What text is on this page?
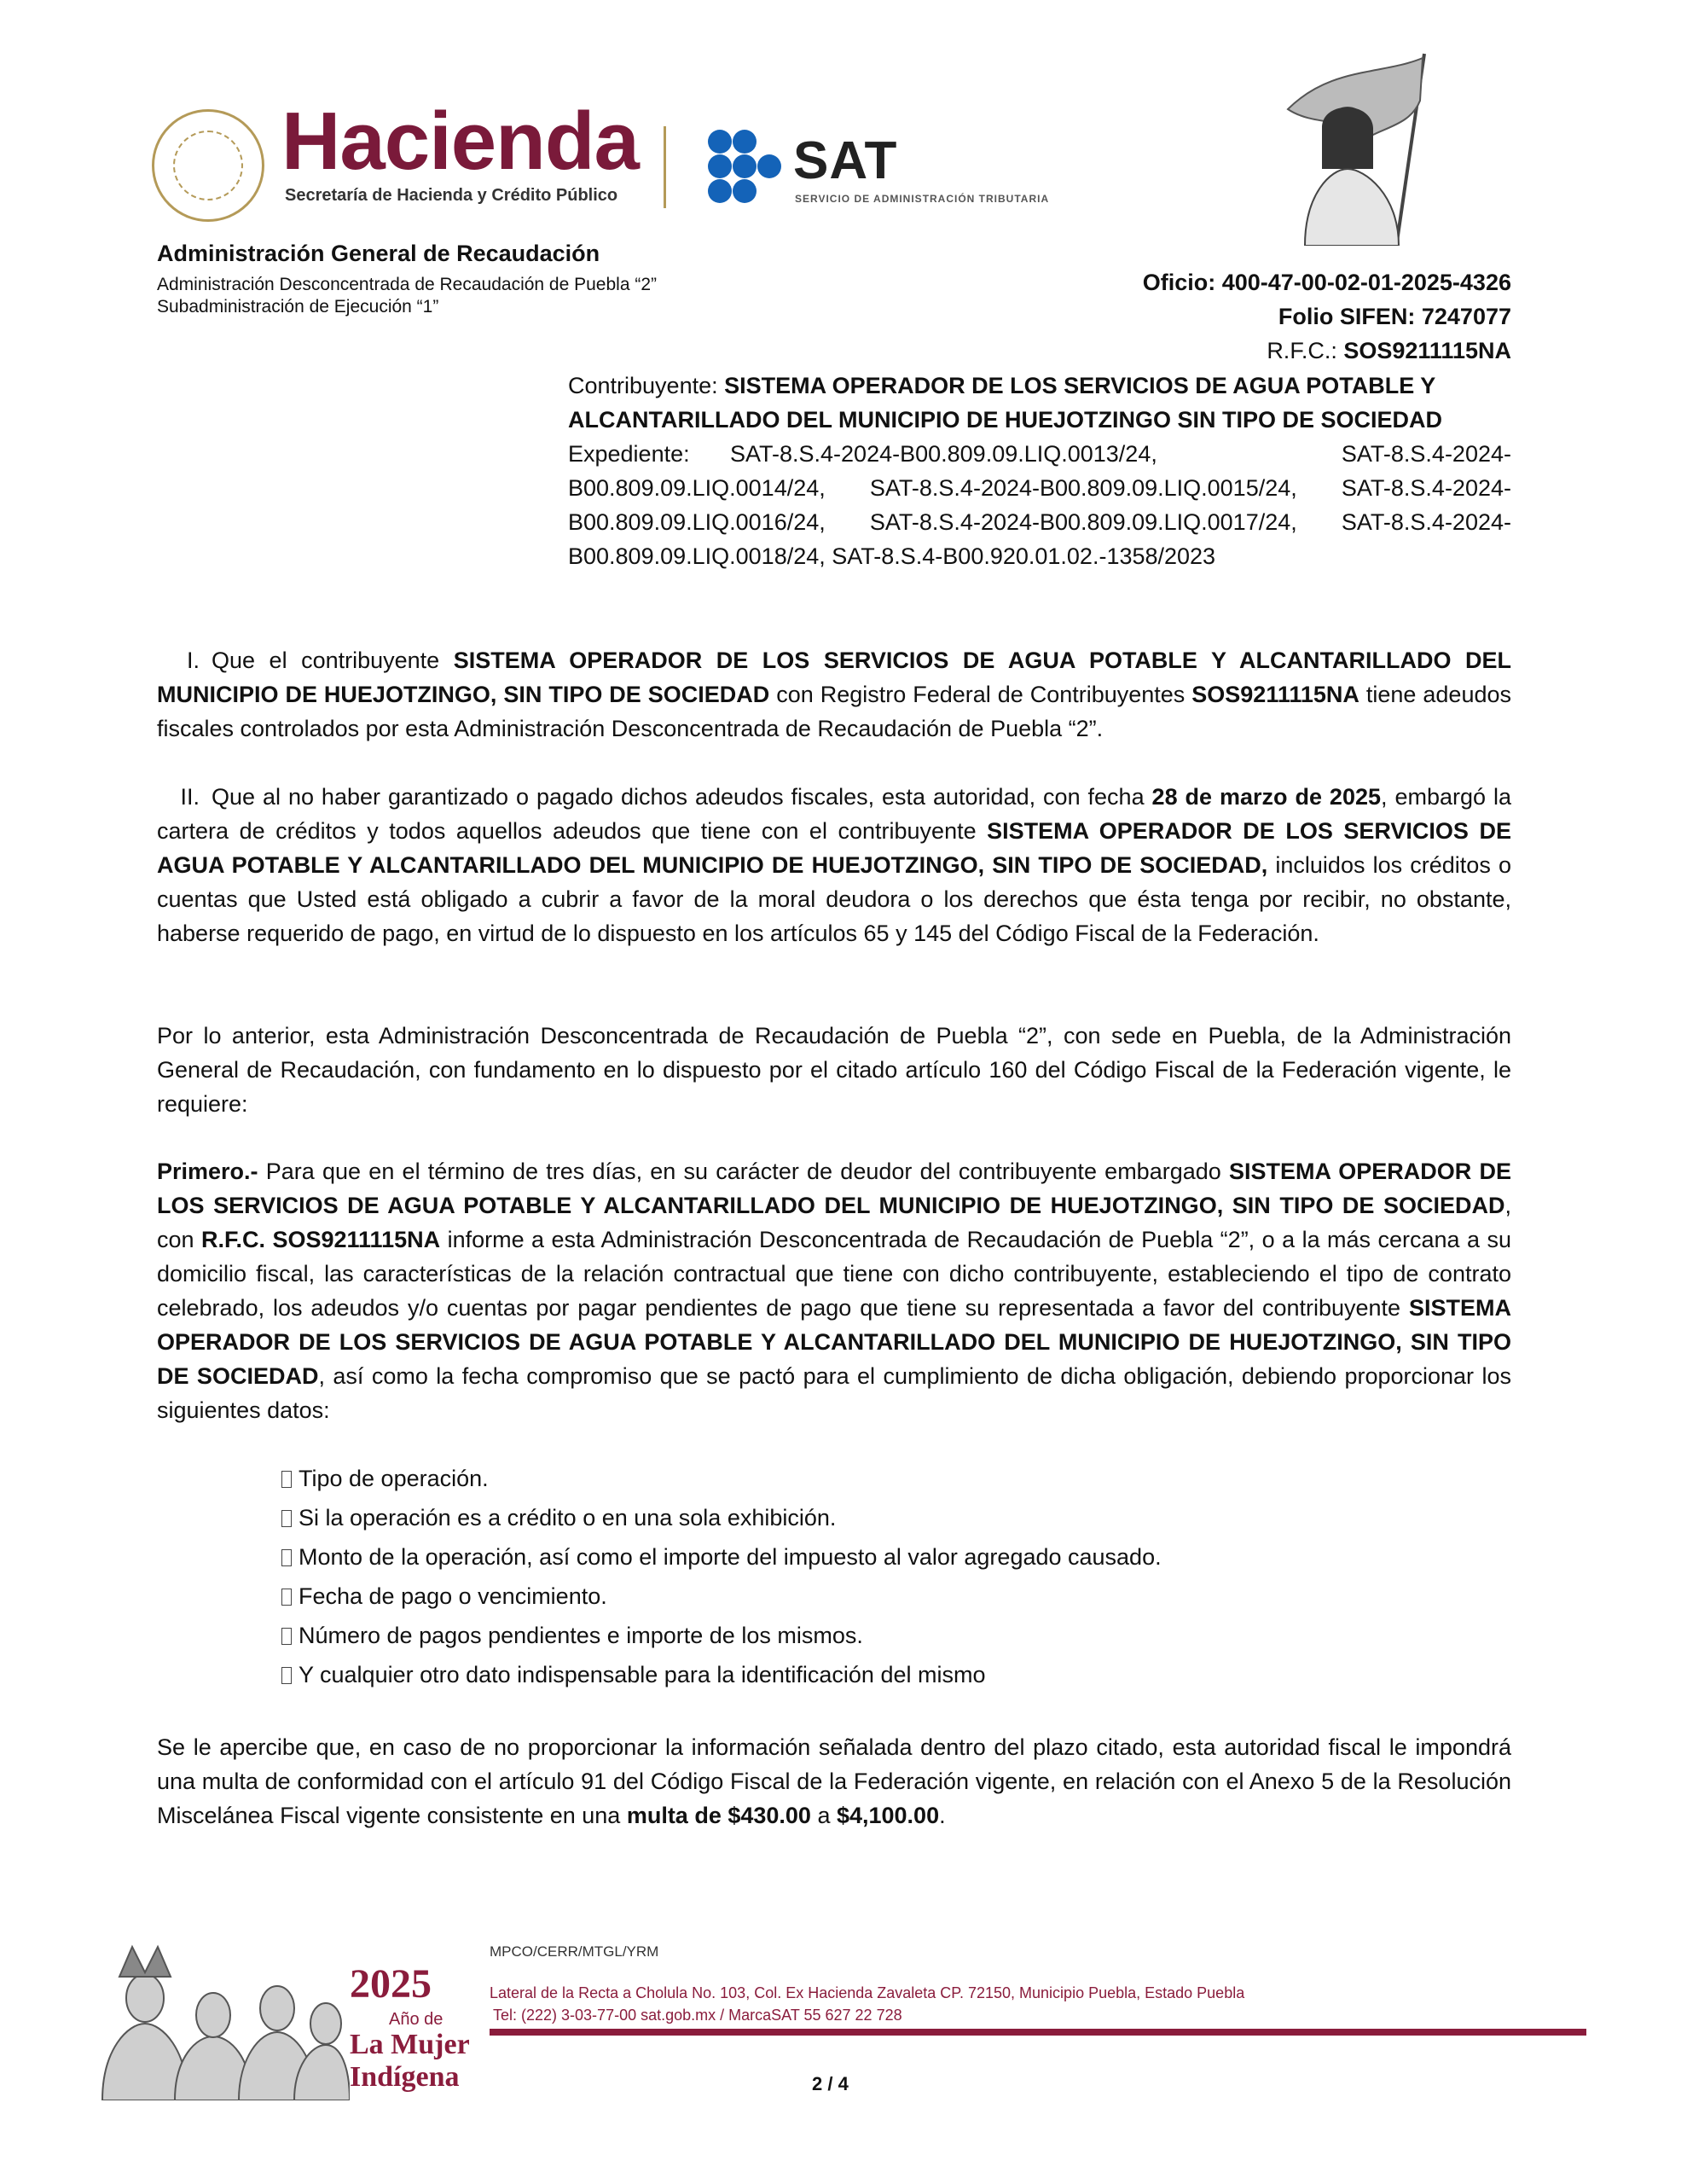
Hacienda
Secretaría de Hacienda y Crédito Público
SAT
SERVICIO DE ADMINISTRACIÓN TRIBUTARIA
Administración General de Recaudación
Administración Desconcentrada de Recaudación de Puebla “2”
Subadministración de Ejecución “1”
Oficio: 400-47-00-02-01-2025-4326
Folio SIFEN: 7247077
R.F.C.: SOS9211115NA
Contribuyente: SISTEMA OPERADOR DE LOS SERVICIOS DE AGUA POTABLE Y ALCANTARILLADO DEL MUNICIPIO DE HUEJOTZINGO SIN TIPO DE SOCIEDAD
Expediente: SAT-8.S.4-2024-B00.809.09.LIQ.0013/24, SAT-8.S.4-2024-B00.809.09.LIQ.0014/24, SAT-8.S.4-2024-B00.809.09.LIQ.0015/24, SAT-8.S.4-2024-B00.809.09.LIQ.0016/24, SAT-8.S.4-2024-B00.809.09.LIQ.0017/24, SAT-8.S.4-2024-B00.809.09.LIQ.0018/24, SAT-8.S.4-B00.920.01.02.-1358/2023
I. Que el contribuyente SISTEMA OPERADOR DE LOS SERVICIOS DE AGUA POTABLE Y ALCANTARILLADO DEL MUNICIPIO DE HUEJOTZINGO, SIN TIPO DE SOCIEDAD con Registro Federal de Contribuyentes SOS9211115NA tiene adeudos fiscales controlados por esta Administración Desconcentrada de Recaudación de Puebla “2”.
II. Que al no haber garantizado o pagado dichos adeudos fiscales, esta autoridad, con fecha 28 de marzo de 2025, embargó la cartera de créditos y todos aquellos adeudos que tiene con el contribuyente SISTEMA OPERADOR DE LOS SERVICIOS DE AGUA POTABLE Y ALCANTARILLADO DEL MUNICIPIO DE HUEJOTZINGO, SIN TIPO DE SOCIEDAD, incluidos los créditos o cuentas que Usted está obligado a cubrir a favor de la moral deudora o los derechos que ésta tenga por recibir, no obstante, haberse requerido de pago, en virtud de lo dispuesto en los artículos 65 y 145 del Código Fiscal de la Federación.
Por lo anterior, esta Administración Desconcentrada de Recaudación de Puebla “2”, con sede en Puebla, de la Administración General de Recaudación, con fundamento en lo dispuesto por el citado artículo 160 del Código Fiscal de la Federación vigente, le requiere:
Primero.- Para que en el término de tres días, en su carácter de deudor del contribuyente embargado SISTEMA OPERADOR DE LOS SERVICIOS DE AGUA POTABLE Y ALCANTARILLADO DEL MUNICIPIO DE HUEJOTZINGO, SIN TIPO DE SOCIEDAD, con R.F.C. SOS9211115NA informe a esta Administración Desconcentrada de Recaudación de Puebla “2”, o a la más cercana a su domicilio fiscal, las características de la relación contractual que tiene con dicho contribuyente, estableciendo el tipo de contrato celebrado, los adeudos y/o cuentas por pagar pendientes de pago que tiene su representada a favor del contribuyente SISTEMA OPERADOR DE LOS SERVICIOS DE AGUA POTABLE Y ALCANTARILLADO DEL MUNICIPIO DE HUEJOTZINGO, SIN TIPO DE SOCIEDAD, así como la fecha compromiso que se pactó para el cumplimiento de dicha obligación, debiendo proporcionar los siguientes datos:
Tipo de operación.
Si la operación es a crédito o en una sola exhibición.
Monto de la operación, así como el importe del impuesto al valor agregado causado.
Fecha de pago o vencimiento.
Número de pagos pendientes e importe de los mismos.
Y cualquier otro dato indispensable para la identificación del mismo
Se le apercibe que, en caso de no proporcionar la información señalada dentro del plazo citado, esta autoridad fiscal le impondrá una multa de conformidad con el artículo 91 del Código Fiscal de la Federación vigente, en relación con el Anexo 5 de la Resolución Miscelánea Fiscal vigente consistente en una multa de $430.00 a $4,100.00.
2025
Año de
La Mujer
Indígena
MPCO/CERR/MTGL/YRM
Lateral de la Recta a Cholula No. 103, Col. Ex Hacienda Zavaleta CP. 72150, Municipio Puebla, Estado Puebla
Tel: (222) 3-03-77-00 sat.gob.mx / MarcaSAT 55 627 22 728
2 / 4
